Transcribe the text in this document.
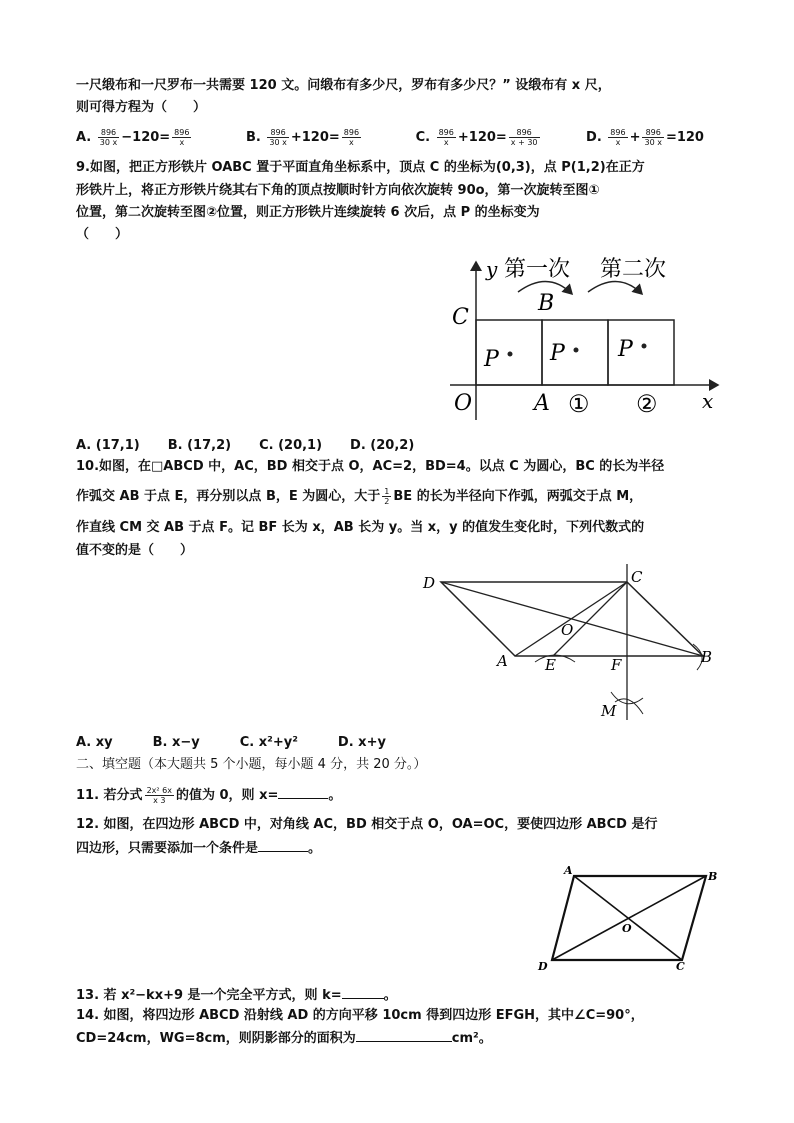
一尺缎布和一尺罗布一共需要 120 文。问缎布有多少尺，罗布有多少尺？” 设缎布有 x 尺，
则可得方程为（　　）
A. $\frac{896}{30 x} -120= \frac{896}{x}$	B. $\frac{896}{30 x} +120= \frac{896}{x}$	C. $\frac{896}{x} +120= \frac{896}{x + 30}$	D. $\frac{896}{x} + \frac{896}{30 x} =120$
9.如图，把正方形铁片 OABC 置于平面直角坐标系中，顶点 C 的坐标为(0,3)，点 P(1,2)在正方
形铁片上，将正方形铁片绕其右下角的顶点按顺时针方向依次旋转 90o，第一次旋转至图①
位置，第二次旋转至图②位置，则正方形铁片连续旋转 6 次后，点 P 的坐标变为
（　　）
y 第一次 第二次
C
B
O	A	x
① ②
P P P
A. (17,1) B. (17,2) C. (20,1) D. (20,2)
10.如图，在□ABCD 中，AC，BD 相交于点 O，AC=2，BD=4。以点 C 为圆心，BC 的长为半径
作弧交 AB 于点 E，再分别以点 B，E 为圆心，大于 $\frac{1}{2}$ BE 的长为半径向下作弧，两弧交于点 M，
作直线 CM 交 AB 于点 F。记 BF 长为 x，AB 长为 y。当 x，y 的值发生变化时，下列代数式的
值不变的是（　　）
D	C
O
A E	F	B
M
A. xy	B. x−y	C. x²+y²	D. x+y
二、填空题（本大题共 5 个小题，每小题 4 分，共 20 分。）
11. 若分式 $\frac{\text{2x² 6x}}{x 3}$ 的值为 0，则 x=	。
12. 如图，在四边形 ABCD 中，对角线 AC，BD 相交于点 O，OA=OC，要使四边形 ABCD 是行
四边形，只需要添加一个条件是	。
A	B
O
D	C
13. 若 x²−kx+9 是一个完全平方式，则 k=	。
14. 如图，将四边形 ABCD 沿射线 AD 的方向平移 10cm 得到四边形 EFGH，其中∠C=90°，
CD=24cm，WG=8cm，则阴影部分的面积为	cm²。
